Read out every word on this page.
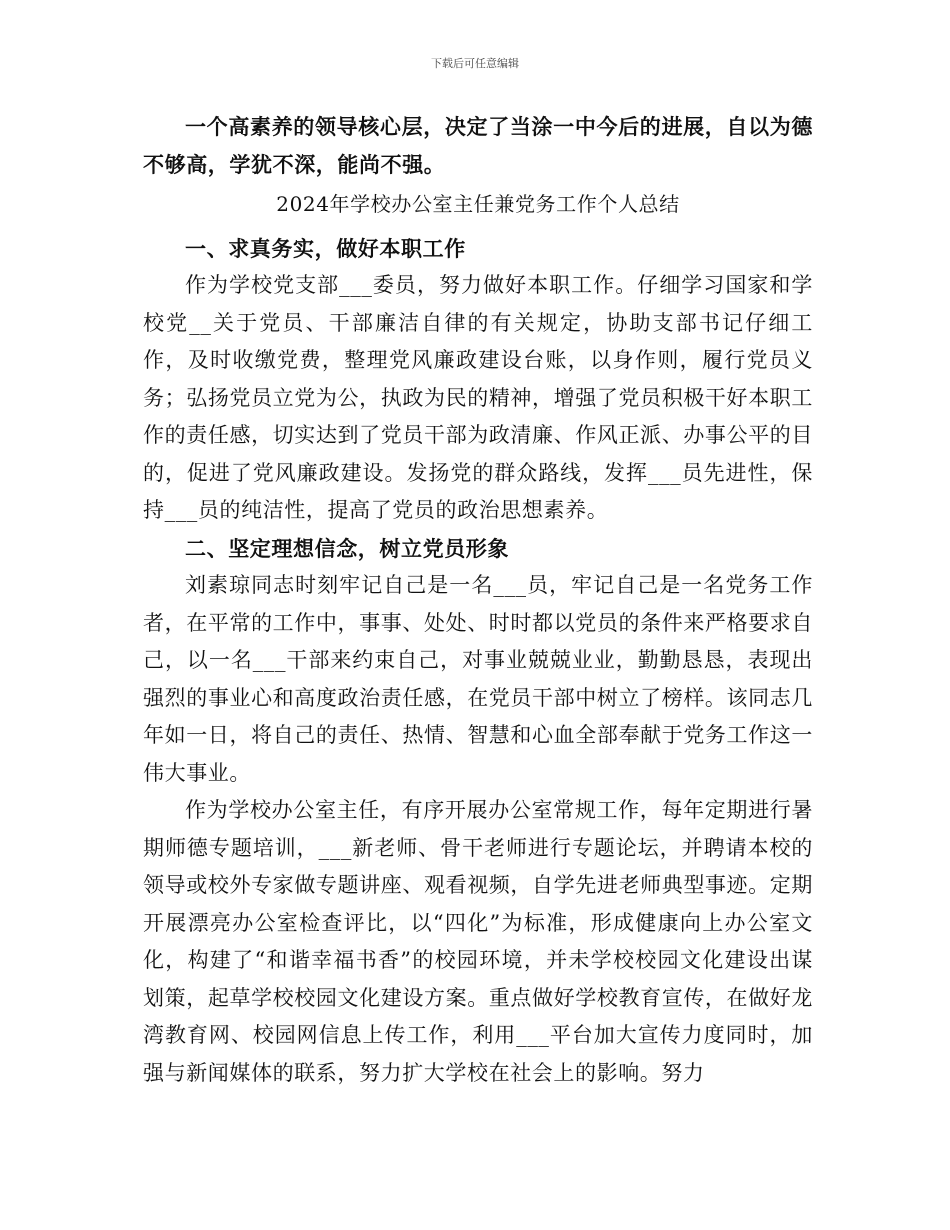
下载后可任意编辑

一个高素养的领导核心层，决定了当涂一中今后的进展，自以为德不够高，学犹不深，能尚不强。

2024年学校办公室主任兼党务工作个人总结

一、求真务实，做好本职工作

作为学校党支部___委员，努力做好本职工作。仔细学习国家和学校党__关于党员、干部廉洁自律的有关规定，协助支部书记仔细工作，及时收缴党费，整理党风廉政建设台账，以身作则，履行党员义务；弘扬党员立党为公，执政为民的精神，增强了党员积极干好本职工作的责任感，切实达到了党员干部为政清廉、作风正派、办事公平的目的，促进了党风廉政建设。发扬党的群众路线，发挥___员先进性，保持___员的纯洁性，提高了党员的政治思想素养。

二、坚定理想信念，树立党员形象

刘素琼同志时刻牢记自己是一名___员，牢记自己是一名党务工作者，在平常的工作中，事事、处处、时时都以党员的条件来严格要求自己，以一名___干部来约束自己，对事业兢兢业业，勤勤恳恳，表现出强烈的事业心和高度政治责任感，在党员干部中树立了榜样。该同志几年如一日，将自己的责任、热情、智慧和心血全部奉献于党务工作这一伟大事业。

作为学校办公室主任，有序开展办公室常规工作，每年定期进行暑期师德专题培训，___新老师、骨干老师进行专题论坛，并聘请本校的领导或校外专家做专题讲座、观看视频，自学先进老师典型事迹。定期开展漂亮办公室检查评比，以“四化”为标准，形成健康向上办公室文化，构建了“和谐幸福书香”的校园环境，并未学校校园文化建设出谋划策，起草学校校园文化建设方案。重点做好学校教育宣传，在做好龙湾教育网、校园网信息上传工作，利用___平台加大宣传力度同时，加强与新闻媒体的联系，努力扩大学校在社会上的影响。努力
